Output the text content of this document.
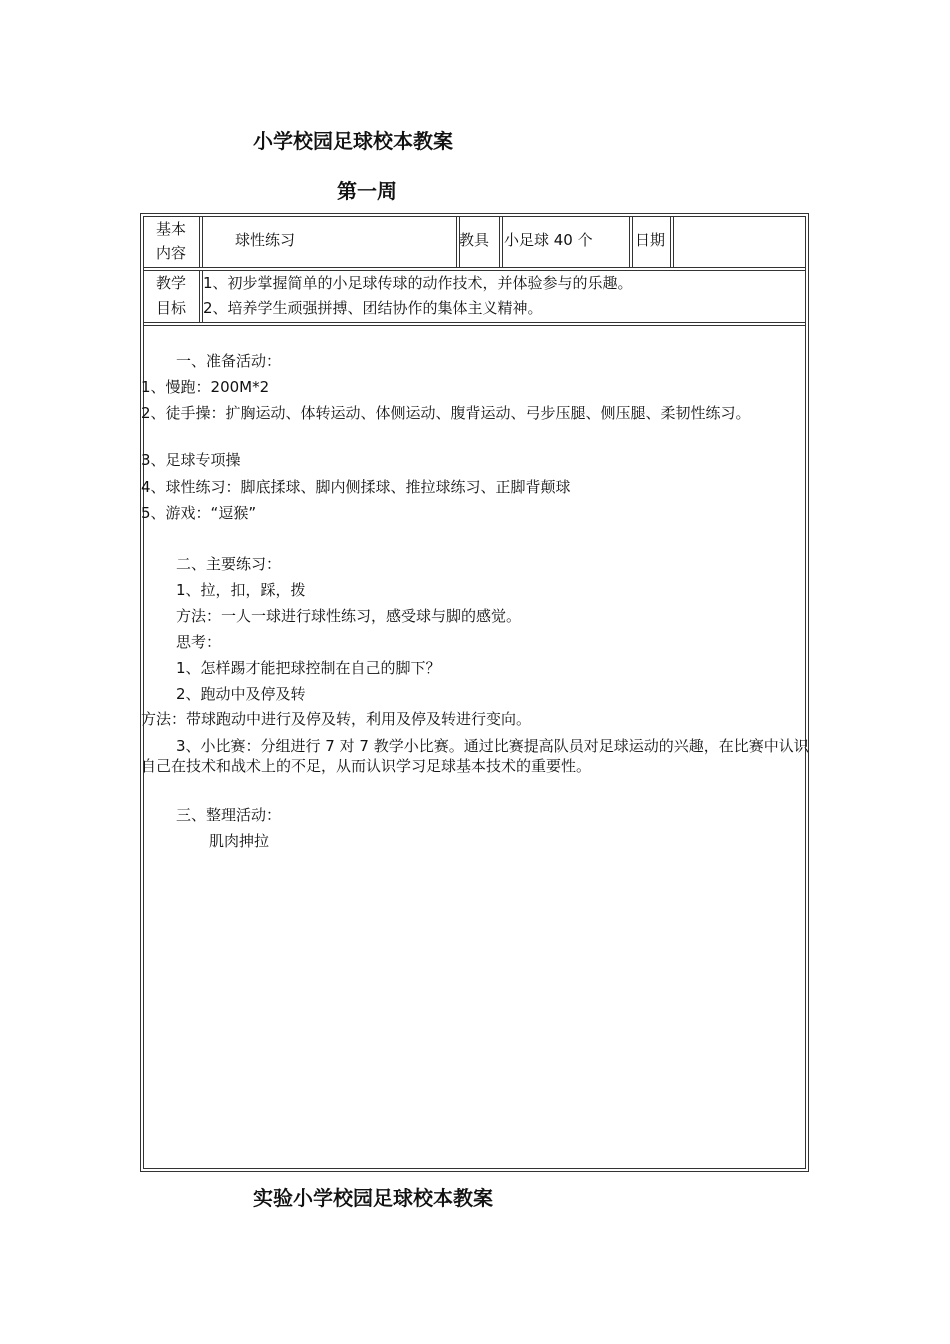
小学校园足球校本教案
第一周
基本
内容
球性练习	教具 小足球 40 个	日期
教学
目标
1、初步掌握简单的小足球传球的动作技术，并体验参与的乐趣。
2、培养学生顽强拼搏、团结协作的集体主义精神。
一、准备活动：
1、慢跑：200M*2
2、徒手操：扩胸运动、体转运动、体侧运动、腹背运动、弓步压腿、侧压腿、柔韧性练习。
3、足球专项操
4、球性练习：脚底揉球、脚内侧揉球、推拉球练习、正脚背颠球
5、游戏：“逗猴”
二、主要练习：
1、拉，扣，踩，拨
方法：一人一球进行球性练习，感受球与脚的感觉。
思考：
1、怎样踢才能把球控制在自己的脚下？
2、跑动中及停及转
方法：带球跑动中进行及停及转，利用及停及转进行变向。
3、小比赛：分组进行 7 对 7 教学小比赛。通过比赛提高队员对足球运动的兴趣，在比赛中认识自己在技术和战术上的不足，从而认识学习足球基本技术的重要性。
三、整理活动：
肌肉抻拉
实验小学校园足球校本教案
